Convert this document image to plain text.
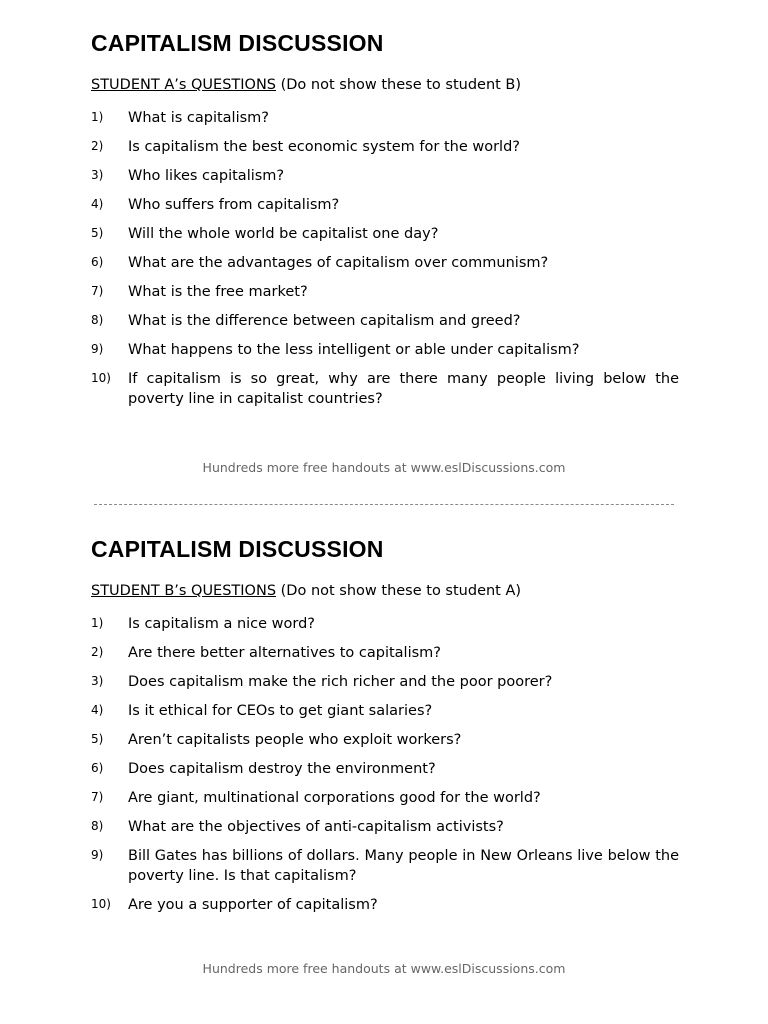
CAPITALISM DISCUSSION
STUDENT A’s QUESTIONS (Do not show these to student B)
1)	What is capitalism?
2)	Is capitalism the best economic system for the world?
3)	Who likes capitalism?
4)	Who suffers from capitalism?
5)	Will the whole world be capitalist one day?
6)	What are the advantages of capitalism over communism?
7)	What is the free market?
8)	What is the difference between capitalism and greed?
9)	What happens to the less intelligent or able under capitalism?
10)	If capitalism is so great, why are there many people living below the poverty line in capitalist countries?
Hundreds more free handouts at www.eslDiscussions.com
CAPITALISM DISCUSSION
STUDENT B’s QUESTIONS (Do not show these to student A)
1)	Is capitalism a nice word?
2)	Are there better alternatives to capitalism?
3)	Does capitalism make the rich richer and the poor poorer?
4)	Is it ethical for CEOs to get giant salaries?
5)	Aren’t capitalists people who exploit workers?
6)	Does capitalism destroy the environment?
7)	Are giant, multinational corporations good for the world?
8)	What are the objectives of anti-capitalism activists?
9)	Bill Gates has billions of dollars. Many people in New Orleans live below the poverty line. Is that capitalism?
10)	Are you a supporter of capitalism?
Hundreds more free handouts at www.eslDiscussions.com
